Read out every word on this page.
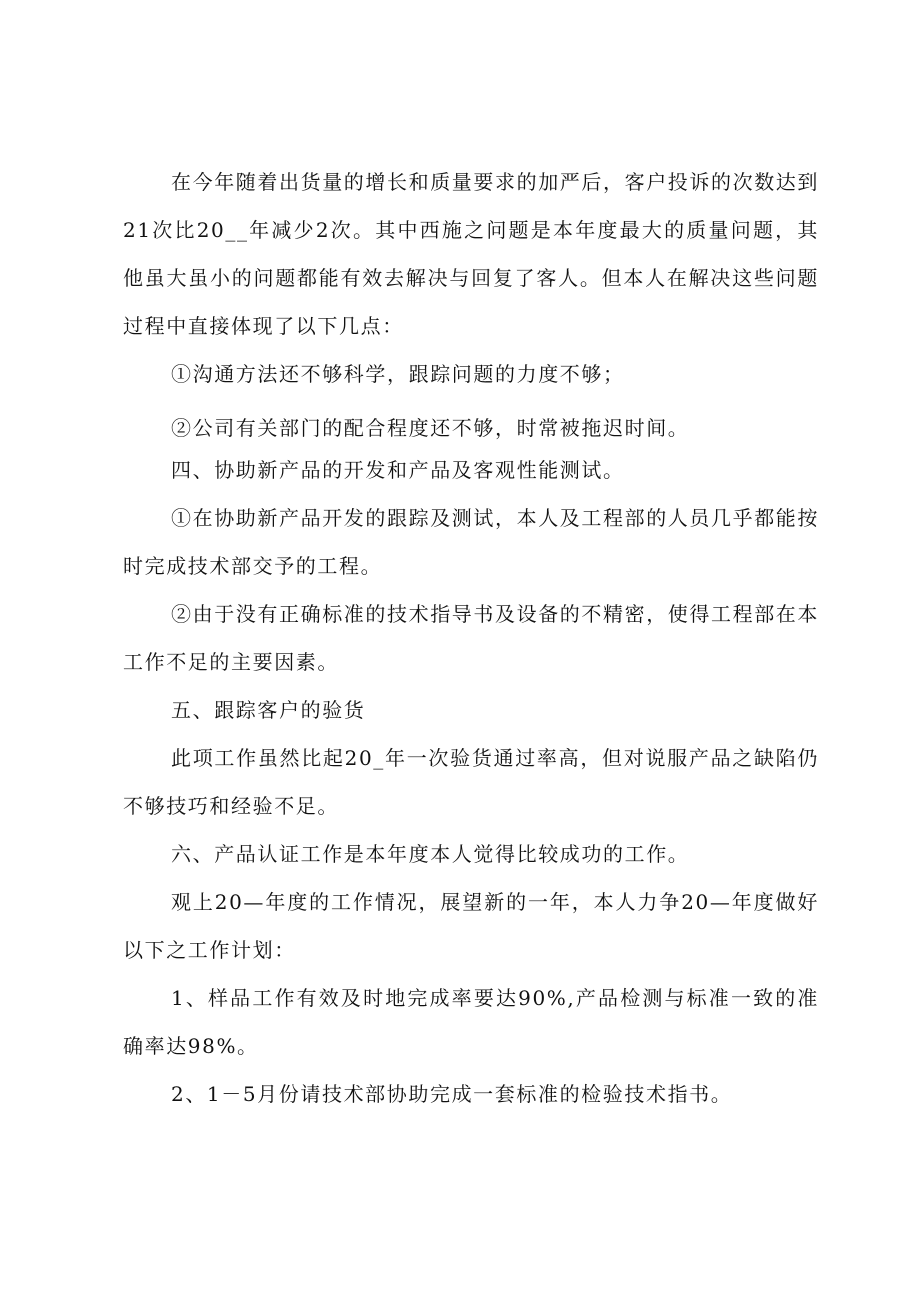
在今年随着出货量的增长和质量要求的加严后，客户投诉的次数达到21次比20__年减少2次。其中西施之问题是本年度最大的质量问题，其他虽大虽小的问题都能有效去解决与回复了客人。但本人在解决这些问题过程中直接体现了以下几点：

①沟通方法还不够科学，跟踪问题的力度不够；

②公司有关部门的配合程度还不够，时常被拖迟时间。

四、协助新产品的开发和产品及客观性能测试。

①在协助新产品开发的跟踪及测试，本人及工程部的人员几乎都能按时完成技术部交予的工程。

②由于没有正确标准的技术指导书及设备的不精密，使得工程部在本工作不足的主要因素。

五、跟踪客户的验货

此项工作虽然比起20_年一次验货通过率高，但对说服产品之缺陷仍不够技巧和经验不足。

六、产品认证工作是本年度本人觉得比较成功的工作。

观上20—年度的工作情况，展望新的一年，本人力争20—年度做好以下之工作计划：

1、样品工作有效及时地完成率要达90%,产品检测与标准一致的准确率达98%。

2、1－5月份请技术部协助完成一套标准的检验技术指书。
